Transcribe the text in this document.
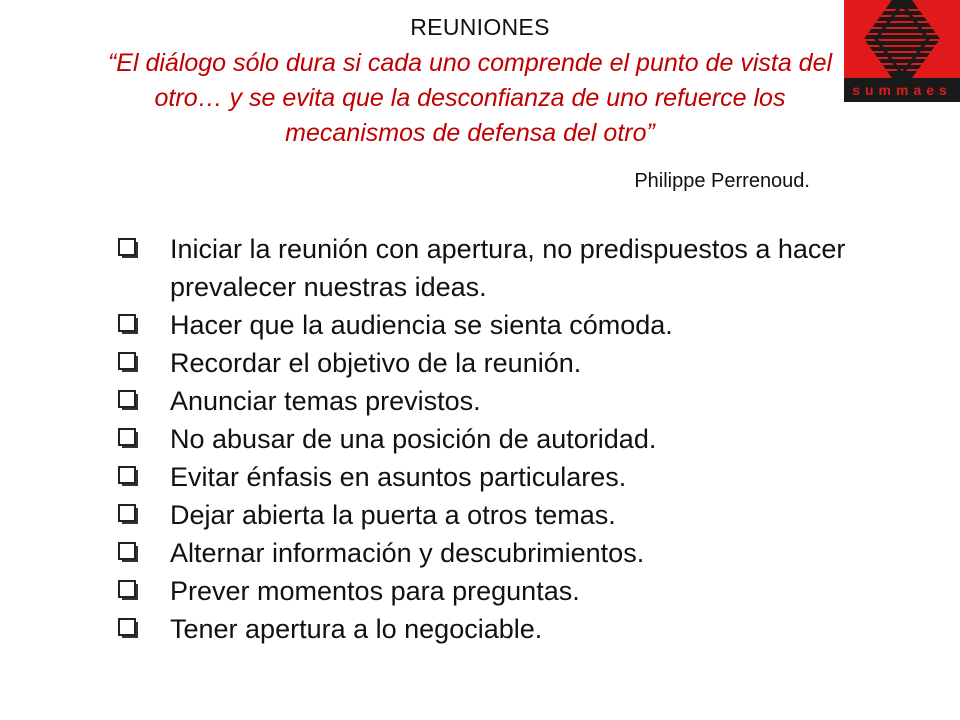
REUNIONES
“El diálogo sólo dura si cada uno comprende el punto de vista del otro… y se evita que la desconfianza de uno refuerce los mecanismos de defensa del otro”
Philippe Perrenoud.
Iniciar la reunión con apertura, no predispuestos a hacer prevalecer nuestras ideas.
Hacer que la audiencia se sienta cómoda.
Recordar el objetivo de la reunión.
Anunciar temas previstos.
No abusar de una posición de autoridad.
Evitar énfasis en asuntos particulares.
Dejar abierta la puerta a otros temas.
Alternar información y descubrimientos.
Prever momentos para preguntas.
Tener apertura a lo negociable.
summaes
